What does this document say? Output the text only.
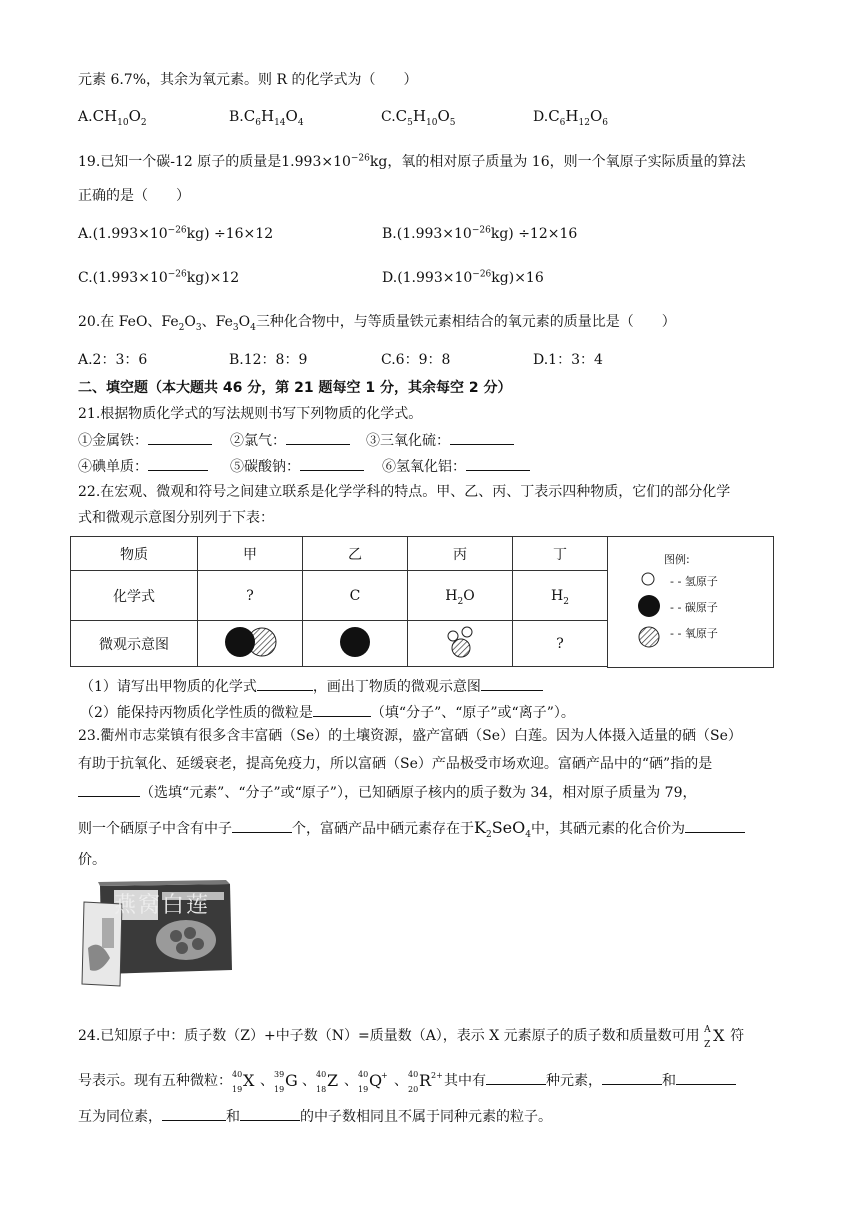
元素 6.7%，其余为氧元素。则 R 的化学式为（　　）
$A.CH_{10}O_2$	$B.C_6H_{14}O_4$	$C.C_5H_{10}O_5$	$D.C_6H_{12}O_6$
19.已知一个碳-12 原子的质量是$1.993\times 10^{-26}kg$，氧的相对原子质量为 16，则一个氧原子实际质量的算法
正确的是（　　）
$A.(1.993\times 10^{-26}kg) \div 16\times 12$	$B.(1.993\times 10^{-26}kg) \div 12\times 16$
$C.(1.993\times 10^{-26}kg)\times 12$	$D.(1.993\times 10^{-26}kg)\times 16$
20.在 FeO、$Fe_2O_3$、$Fe_3O_4$三种化合物中，与等质量铁元素相结合的氧元素的质量比是（　　）
A.2：3：6	B.12：8：9	C.6：9：8	D.1：3：4
二、填空题（本大题共 46 分，第 21 题每空 1 分，其余每空 2 分）
21.根据物质化学式的写法规则书写下列物质的化学式。
①金属铁：	②氯气：	③三氧化硫：
④碘单质：	⑤碳酸钠：	⑥氢氧化铝：
22.在宏观、微观和符号之间建立联系是化学学科的特点。甲、乙、丙、丁表示四种物质，它们的部分化学
式和微观示意图分别列于下表：
物质	甲	乙	丙	丁
化学式	?	C	$H_2O$	$H_2$
微观示意图				?
图例:
- - 氢原子
- - 碳原子
- - 氧原子
（1）请写出甲物质的化学式	，画出丁物质的微观示意图
（2）能保持丙物质化学性质的微粒是	（填“分子”、“原子”或“离子”）。
23.衢州市志棠镇有很多含丰富硒（Se）的土壤资源，盛产富硒（Se）白莲。因为人体摄入适量的硒（Se）
有助于抗氧化、延缓衰老，提高免疫力，所以富硒（Se）产品极受市场欢迎。富硒产品中的“硒”指的是
（选填“元素”、“分子”或“原子”），已知硒原子核内的质子数为 34，相对原子质量为 79，
则一个硒原子中含有中子	个，富硒产品中硒元素存在于$K_2SeO_4$中，其硒元素的化合价为
价。
燕窝白莲
24.已知原子中：质子数（Z）+中子数（N）=质量数（A），表示 X 元素原子的质子数和质量数可用 A
Z X 符
号表示。现有五种微粒： 40
19 X 、 39
19 G 、 40
18 Z 、 40
19 Q
+ 、 40
20 R 2+ 其中有	种元素，	和
互为同位素，	和	的中子数相同且不属于同种元素的粒子。
